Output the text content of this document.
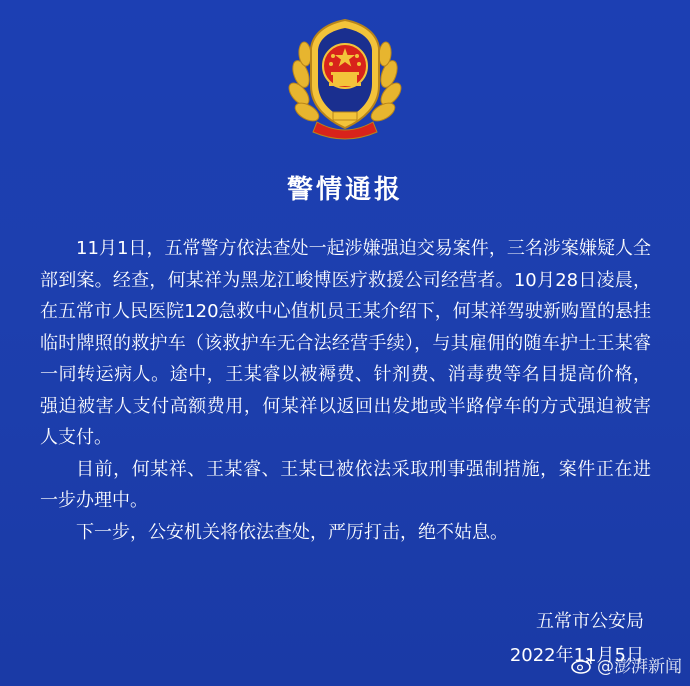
警情通报

11月1日，五常警方依法查处一起涉嫌强迫交易案件，三名涉案嫌疑人全部到案。经查，何某祥为黑龙江峻博医疗救援公司经营者。10月28日凌晨，在五常市人民医院120急救中心值机员王某介绍下，何某祥驾驶新购置的悬挂临时牌照的救护车（该救护车无合法经营手续），与其雇佣的随车护士王某睿一同转运病人。途中，王某睿以被褥费、针剂费、消毒费等名目提高价格，强迫被害人支付高额费用，何某祥以返回出发地或半路停车的方式强迫被害人支付。

目前，何某祥、王某睿、王某已被依法采取刑事强制措施，案件正在进一步办理中。

下一步，公安机关将依法查处，严厉打击，绝不姑息。

五常市公安局
2022年11月5日
@澎湃新闻
